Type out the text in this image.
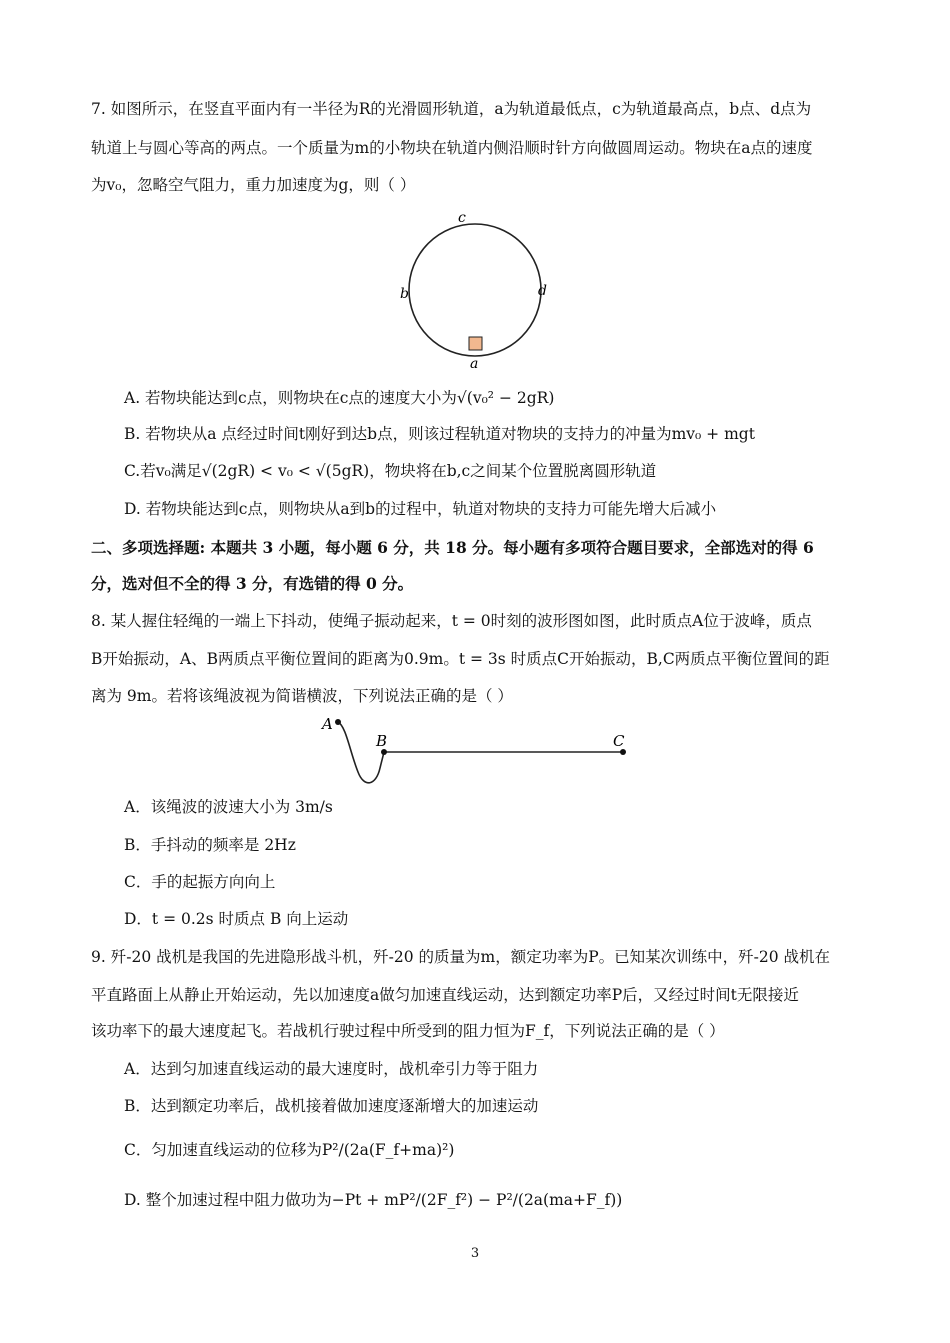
7. 如图所示，在竖直平面内有一半径为R的光滑圆形轨道，a为轨道最低点，c为轨道最高点，b点、d点为
轨道上与圆心等高的两点。一个质量为m的小物块在轨道内侧沿顺时针方向做圆周运动。物块在a点的速度
为v₀，忽略空气阻力，重力加速度为g，则（ ）
c
b	d
a
A. 若物块能达到c点，则物块在c点的速度大小为√(v₀² − 2gR)
B. 若物块从a 点经过时间t刚好到达b点，则该过程轨道对物块的支持力的冲量为mv₀ + mgt
C.若v₀满足√(2gR) < v₀ < √(5gR)，物块将在b,c之间某个位置脱离圆形轨道
D. 若物块能达到c点，则物块从a到b的过程中，轨道对物块的支持力可能先增大后减小
二、多项选择题: 本题共 3 小题，每小题 6 分，共 18 分。每小题有多项符合题目要求，全部选对的得 6
分，选对但不全的得 3 分，有选错的得 0 分。
8. 某人握住轻绳的一端上下抖动，使绳子振动起来，t = 0时刻的波形图如图，此时质点A位于波峰，质点
B开始振动，A、B两质点平衡位置间的距离为0.9m。t = 3s 时质点C开始振动，B,C两质点平衡位置间的距
离为 9m。若将该绳波视为简谐横波，下列说法正确的是（ ）
A
B	C
A．该绳波的波速大小为 3m/s
B．手抖动的频率是 2Hz
C．手的起振方向向上
D．t = 0.2s 时质点 B 向上运动
9. 歼-20 战机是我国的先进隐形战斗机，歼-20 的质量为m，额定功率为P。已知某次训练中，歼-20 战机在
平直路面上从静止开始运动，先以加速度a做匀加速直线运动，达到额定功率P后，又经过时间t无限接近
该功率下的最大速度起飞。若战机行驶过程中所受到的阻力恒为F_f，下列说法正确的是（ ）
A．达到匀加速直线运动的最大速度时，战机牵引力等于阻力
B．达到额定功率后，战机接着做加速度逐渐增大的加速运动
C．匀加速直线运动的位移为P²/(2a(F_f+ma)²)
D. 整个加速过程中阻力做功为−Pt + mP²/(2F_f²) − P²/(2a(ma+F_f))
3
